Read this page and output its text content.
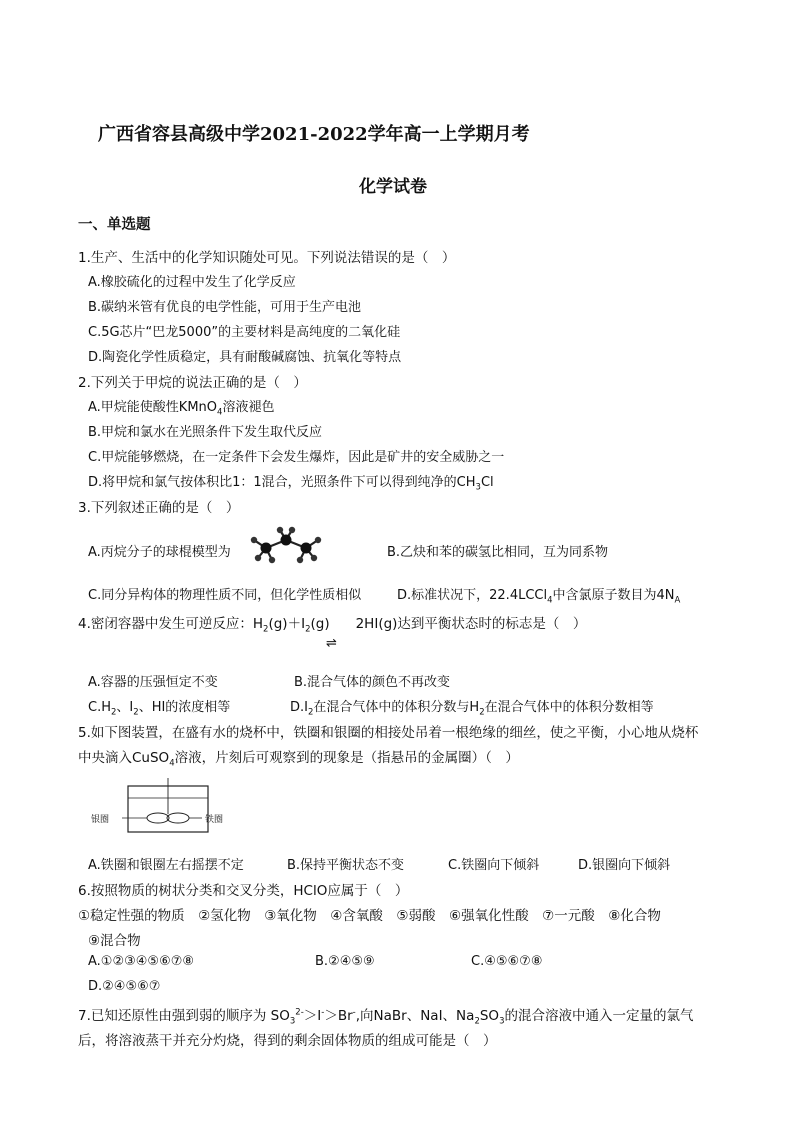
广西省容县高级中学2021-2022学年高一上学期月考
化学试卷
一、单选题
1.生产、生活中的化学知识随处可见。下列说法错误的是（　）
A.橡胶硫化的过程中发生了化学反应
B.碳纳米管有优良的电学性能，可用于生产电池
C.5G芯片“巴龙5000”的主要材料是高纯度的二氧化硅
D.陶瓷化学性质稳定，具有耐酸碱腐蚀、抗氧化等特点
2.下列关于甲烷的说法正确的是（　）
A.甲烷能使酸性KMnO$_4$溶液褪色
B.甲烷和氯水在光照条件下发生取代反应
C.甲烷能够燃烧，在一定条件下会发生爆炸，因此是矿井的安全威胁之一
D.将甲烷和氯气按体积比1：1混合，光照条件下可以得到纯净的$CH_3Cl$
3.下列叙述正确的是（　）
A.丙烷分子的球棍模型为	B.乙炔和苯的碳氢比相同，互为同系物
C.同分异构体的物理性质不同，但化学性质相似	D.标准状况下，22.4LCCl$_4$中含氯原子数目为$4N_A$
4.密闭容器中发生可逆反应：$H_2(g)+I_2(g)$ 2HI(g)达到平衡状态时的标志是（　）
⇌
A.容器的压强恒定不变	B.混合气体的颜色不再改变
$C.H_2$、$I_2$、HI的浓度相等	$D.I_2$在混合气体中的体积分数与$H_2$在混合气体中的体积分数相等
5.如下图装置，在盛有水的烧杯中，铁圈和银圈的相接处吊着一根绝缘的细丝，使之平衡，小心地从烧杯
中央滴入CuSO$_4$溶液，片刻后可观察到的现象是（指悬吊的金属圈）（　）
银圈	铁圈
A.铁圈和银圈左右摇摆不定	B.保持平衡状态不变	C.铁圈向下倾斜	D.银圈向下倾斜
6.按照物质的树状分类和交叉分类，HClO应属于（　）
①稳定性强的物质　②氢化物　③氧化物　④含氧酸　⑤弱酸　⑥强氧化性酸　⑦一元酸　⑧化合物
⑨混合物
A.①②③④⑤⑥⑦⑧	B.②④⑤⑨	C.④⑤⑥⑦⑧
D.②④⑤⑥⑦
7.已知还原性由强到弱的顺序为 $SO_3^{2-}>I^->Br^-$,向NaBr、NaI、$Na_2SO_3$的混合溶液中通入一定量的氯气
后，将溶液蒸干并充分灼烧，得到的剩余固体物质的组成可能是（　）
